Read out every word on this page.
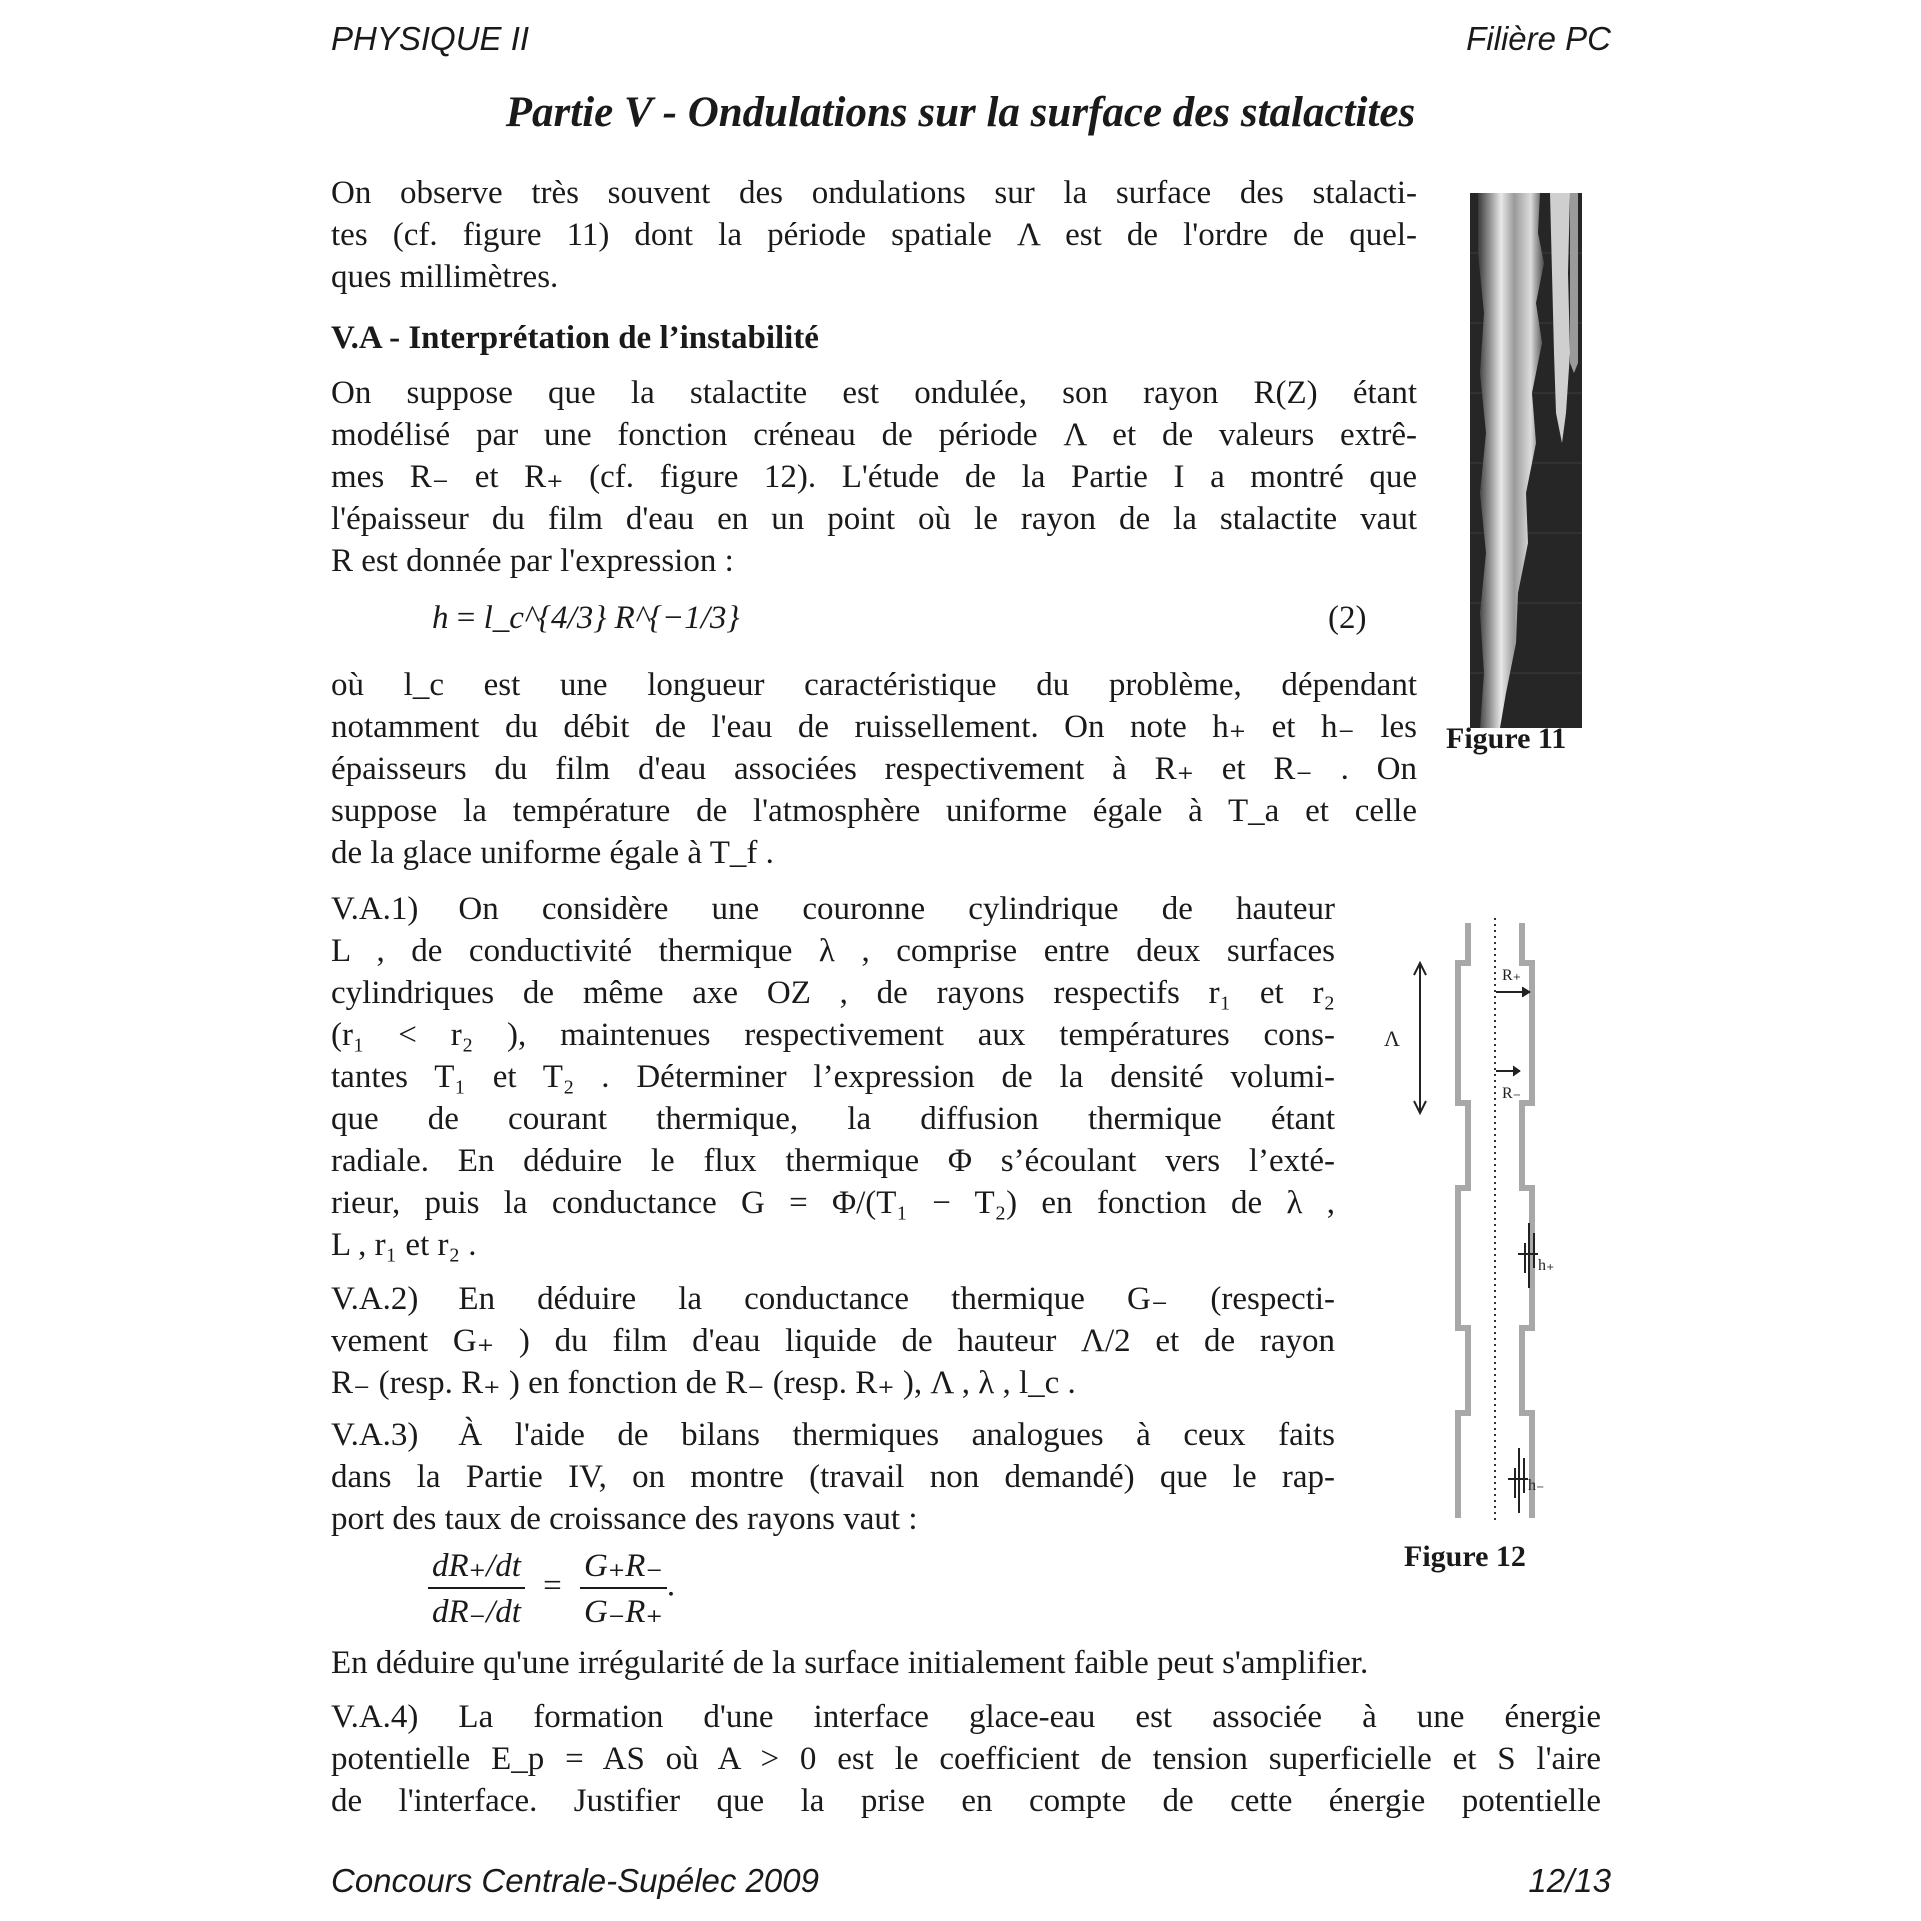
PHYSIQUE II	Filière PC
Partie V - Ondulations sur la surface des stalactites
On observe très souvent des ondulations sur la surface des stalacti-
tes (cf. figure 11) dont la période spatiale Λ est de l'ordre de quel-
ques millimètres.
V.A - Interprétation de l’instabilité
On suppose que la stalactite est ondulée, son rayon R(Z) étant
modélisé par une fonction créneau de période Λ et de valeurs extrê-
mes R₋ et R₊ (cf. figure 12). L'étude de la Partie I a montré que
l'épaisseur du film d'eau en un point où le rayon de la stalactite vaut
R est donnée par l'expression :
h = l_c^{4/3} R^{−1/3}	(2)
où l_c est une longueur caractéristique du problème, dépendant
notamment du débit de l'eau de ruissellement. On note h₊ et h₋ les
épaisseurs du film d'eau associées respectivement à R₊ et R₋ . On
suppose la température de l'atmosphère uniforme égale à T_a et celle
de la glace uniforme égale à T_f .
V.A.1) On considère une couronne cylindrique de hauteur
L , de conductivité thermique λ , comprise entre deux surfaces
cylindriques de même axe OZ , de rayons respectifs r₁ et r₂
(r₁ < r₂ ), maintenues respectivement aux températures cons-
tantes T₁ et T₂ . Déterminer l’expression de la densité volumi-
que de courant thermique, la diffusion thermique étant
radiale. En déduire le flux thermique Φ s’écoulant vers l’exté-
rieur, puis la conductance G = Φ/(T₁ − T₂) en fonction de λ ,
L , r₁ et r₂ .
V.A.2) En déduire la conductance thermique G₋ (respecti-
vement G₊ ) du film d'eau liquide de hauteur Λ/2 et de rayon
R₋ (resp. R₊ ) en fonction de R₋ (resp. R₊ ), Λ , λ , l_c .
V.A.3) À l'aide de bilans thermiques analogues à ceux faits
dans la Partie IV, on montre (travail non demandé) que le rap-
port des taux de croissance des rayons vaut :
$\frac{dR_+/dt}{dR_-/dt} = \frac{G_+R_-}{G_-R_+}$ .
En déduire qu'une irrégularité de la surface initialement faible peut s'amplifier.
V.A.4) La formation d'une interface glace-eau est associée à une énergie
potentielle E_p = AS où A > 0 est le coefficient de tension superficielle et S l'aire
de l'interface. Justifier que la prise en compte de cette énergie potentielle
Figure 11
Λ
R₊
R₋
h₊
h₋
Figure 12
Concours Centrale-Supélec 2009	12/13
